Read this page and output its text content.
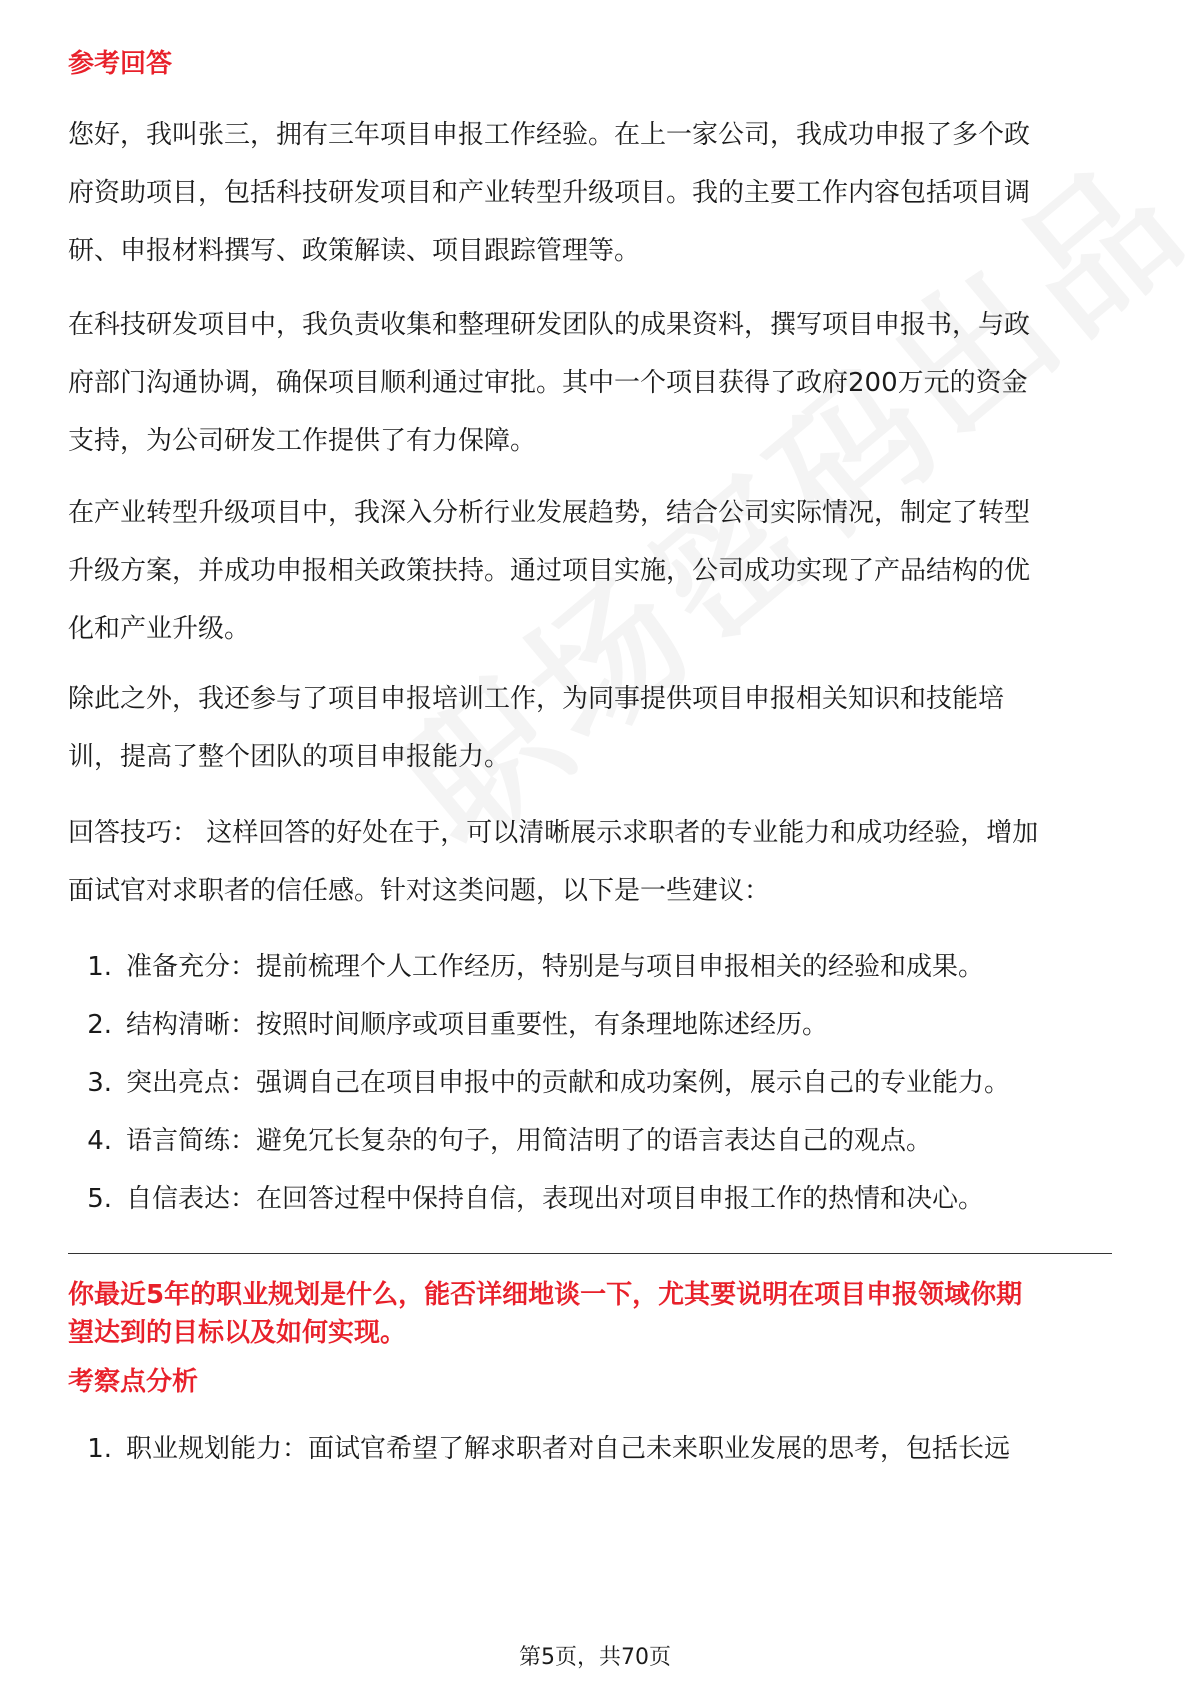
参考回答

您好，我叫张三，拥有三年项目申报工作经验。在上一家公司，我成功申报了多个政府资助项目，包括科技研发项目和产业转型升级项目。我的主要工作内容包括项目调研、申报材料撰写、政策解读、项目跟踪管理等。

在科技研发项目中，我负责收集和整理研发团队的成果资料，撰写项目申报书，与政府部门沟通协调，确保项目顺利通过审批。其中一个项目获得了政府200万元的资金支持，为公司研发工作提供了有力保障。

在产业转型升级项目中，我深入分析行业发展趋势，结合公司实际情况，制定了转型升级方案，并成功申报相关政策扶持。通过项目实施，公司成功实现了产品结构的优化和产业升级。

除此之外，我还参与了项目申报培训工作，为同事提供项目申报相关知识和技能培训，提高了整个团队的项目申报能力。

回答技巧： 这样回答的好处在于，可以清晰展示求职者的专业能力和成功经验，增加面试官对求职者的信任感。针对这类问题，以下是一些建议：

1. 准备充分：提前梳理个人工作经历，特别是与项目申报相关的经验和成果。
2. 结构清晰：按照时间顺序或项目重要性，有条理地陈述经历。
3. 突出亮点：强调自己在项目申报中的贡献和成功案例，展示自己的专业能力。
4. 语言简练：避免冗长复杂的句子，用简洁明了的语言表达自己的观点。
5. 自信表达：在回答过程中保持自信，表现出对项目申报工作的热情和决心。

你最近5年的职业规划是什么，能否详细地谈一下，尤其要说明在项目申报领域你期望达到的目标以及如何实现。

考察点分析
1. 职业规划能力：面试官希望了解求职者对自己未来职业发展的思考，包括长远
第5页，共70页
